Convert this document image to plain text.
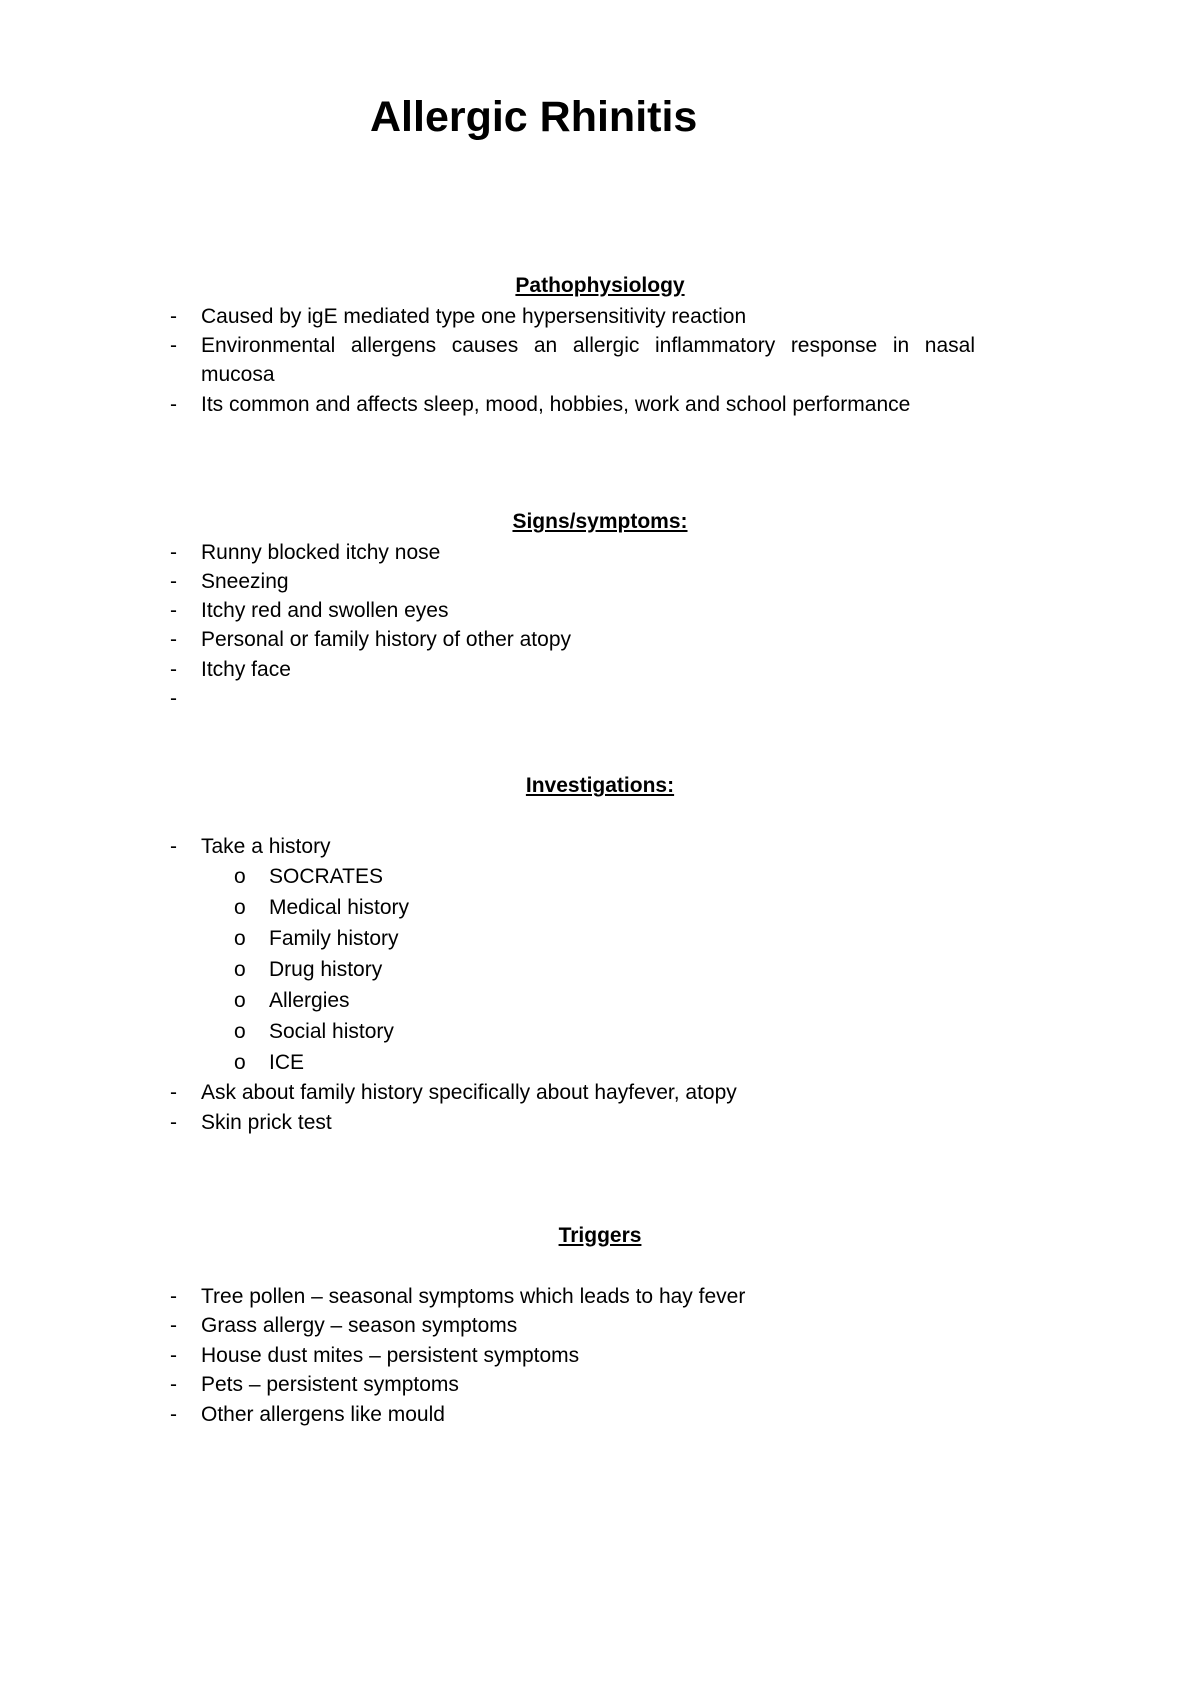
Allergic Rhinitis
Pathophysiology
-	Caused by igE mediated type one hypersensitivity reaction
-	Environmental allergens causes an allergic inflammatory response in nasal mucosa
-	Its common and affects sleep, mood, hobbies, work and school performance
Signs/symptoms:
-	Runny blocked itchy nose
-	Sneezing
-	Itchy red and swollen eyes
-	Personal or family history of other atopy
-	Itchy face
-
Investigations:
-	Take a history
o	SOCRATES
o	Medical history
o	Family history
o	Drug history
o	Allergies
o	Social history
o	ICE
-	Ask about family history specifically about hayfever, atopy
-	Skin prick test
Triggers
-	Tree pollen – seasonal symptoms which leads to hay fever
-	Grass allergy – season symptoms
-	House dust mites – persistent symptoms
-	Pets – persistent symptoms
-	Other allergens like mould
